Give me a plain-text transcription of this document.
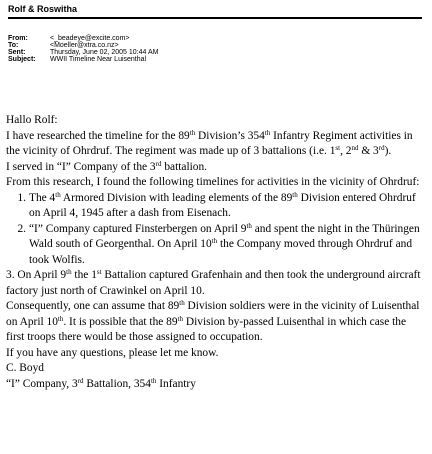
Rolf & Roswitha
From:	<_beadeye@excite.com>
To:	<Moeller@xtra.co.nz>
Sent:	Thursday, June 02, 2005 10:44 AM
Subject:	WWII Timeline Near Luisenthal

Hallo Rolf:

I have researched the timeline for the 89th Division’s 354th Infantry Regiment activities in the vicinity of Ohrdruf. The regiment was made up of 3 battalions (i.e. 1st, 2nd & 3rd).

I served in “I” Company of the 3rd battalion.

From this research, I found the following timelines for activities in the vicinity of Ohrdruf:

1. The 4th Armored Division with leading elements of the 89th Division entered Ohrdruf on April 4, 1945 after a dash from Eisenach.
2. “I” Company captured Finsterbergen on April 9th and spent the night in the Thüringen Wald south of Georgenthal. On April 10th the Company moved through Ohrdruf and took Wolfis.

3. On April 9th the 1st Battalion captured Grafenhain and then took the underground aircraft factory just north of Crawinkel on April 10.

Consequently, one can assume that 89th Division soldiers were in the vicinity of Luisenthal on April 10th. It is possible that the 89th Division by-passed Luisenthal in which case the first troops there would be those assigned to occupation.

If you have any questions, please let me know.

C. Boyd

“I” Company, 3rd Battalion, 354th Infantry
